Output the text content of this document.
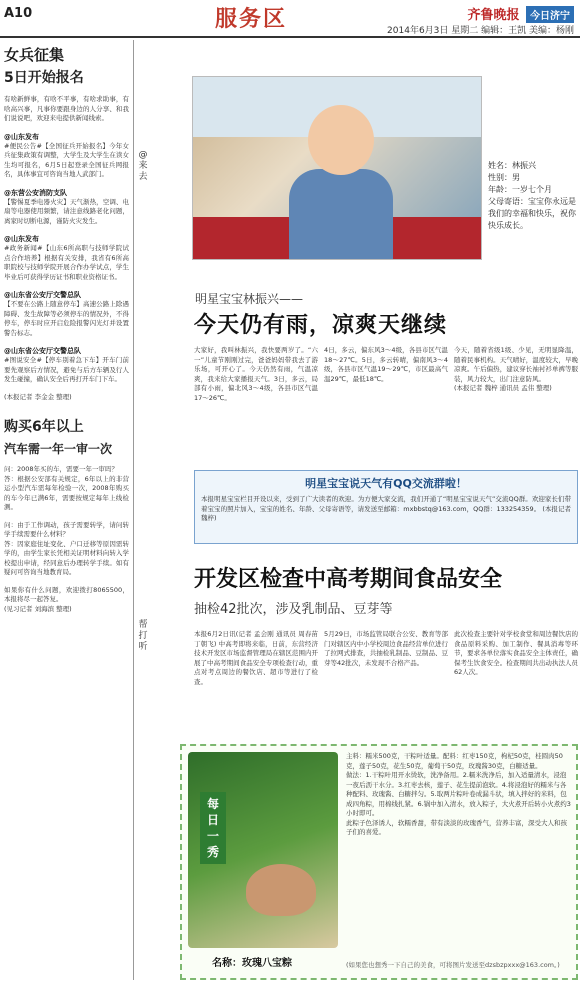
A10	服务区	齐鲁晚报 今日济宁
2014年6月3日 星期二 编辑：王凯 美编：杨刚
女兵征集
5日开始报名
有啥新鲜事，有啥不平事，有啥求助事，有啥高兴事，凡事你要跟身边的人分享、和我们说说吧，欢迎来电提供新闻线索。
@山东发布
#便民公告#【全国征兵开始报名】今年女兵征集政策有调整，大学生及大学生在读女生均可报名，6月5日起登录全国征兵网报名，具体事宜可咨询当地人武部门。
@东营公安消防支队
【警惕夏季电器火灾】天气渐热，空调、电扇等电器使用频繁，请注意线路老化问题，离家时切断电源，谨防火灾发生。
@山东发布
#政务新闻#【山东6所高职与技师学院试点合作培养】根据有关安排，我省有6所高职院校与技师学院开展合作办学试点，学生毕业后可获得学历证书和职业资格证书。
@山东省公安厅交警总队
【不要在公路上随意停车】高速公路上除遇障碍、发生故障等必须停车的情况外，不得停车，停车时应开启危险报警闪光灯并设置警告标志。
@山东省公安厅交警总队
#图说安全#【停车别着急下车】开车门前要先观察后方情况，避免与后方车辆及行人发生碰撞，确认安全后再打开车门下车。
(本报记者 李金金 整理)
购买6年以上
汽车需一年一审一次
问：2008年买的车，需要一年一审吗？
答：根据公安部有关规定，6年以上的非营运小型汽车需每年检验一次，2008年购买的车今年已满6年，需要按规定每年上线检测。
问：由于工作调动，孩子需要转学，请问转学手续需要什么材料？
答：因家庭住址变化、户口迁移等原因需转学的，由学生家长凭相关证明材料向转入学校提出申请，经同意后办理转学手续。如有疑问可咨询当地教育局。
如果你有什么问题，欢迎拨打8065500，本报将尽一起答复。
(见习记者 刘海滨 整理)
@来去
帮打听
姓名：林振兴
性别：男
年龄：一岁七个月
父母寄语：宝宝你永远是我们的幸福和快乐，祝你快乐成长。
明星宝宝林振兴——
今天仍有雨，凉爽天继续
大家好，我叫林振兴，我快要两岁了。“六一”儿童节刚刚过完，爸爸妈妈带我去了游乐场，可开心了。今天仍然有雨，气温凉爽，我来给大家播报天气。3日，多云，局部有小雨，偏北风3～4级，各县市区气温17～26℃。
4日，多云，偏东风3～4级，各县市区气温18～27℃。5日，多云转晴，偏南风3～4级，各县市区气温19～29℃，市区最高气温29℃，最低18℃。
今天，随着省级1级、少见，无明显降温，随着民事机构。天气晴好，温度较大，早晚凉爽。午后偏热，建议穿长袖衬衫单裤等服装，风力较大，出门注意防风。
(本报记者 魏梓 通讯员 孟伟 整理)
明星宝宝说天气有QQ交流群啦！
本报明星宝宝栏目开设以来，受到了广大读者的欢迎。为方便大家交流，我们开通了“明星宝宝说天气”交流QQ群。欢迎家长们带着宝宝的照片加入，宝宝的姓名、年龄、父母寄语等，请发送至邮箱：mxbbstq@163.com，QQ群：133254359。 (本报记者 魏梓)
开发区检查中高考期间食品安全
抽检42批次，涉及乳制品、豆芽等
本报6月2日讯(记者 孟会刚 通讯员 周春苗 丁朝飞) 中高考即将来临，日前，东营经济技术开发区市场监督管理局在辖区范围内开展了中高考期间食品安全专项检查行动，重点对考点周边的餐饮店、超市等进行了检查。
5月29日，市场监管局联合公安、教育等部门对辖区内中小学校周边食品经营单位进行了拉网式排查，共抽检乳制品、豆制品、豆芽等42批次，未发现不合格产品。
此次检查主要针对学校食堂和周边餐饮店的食品原料采购、加工制作、餐具消毒等环节，要求各单位落实食品安全主体责任，确保考生饮食安全。检查期间共出动执法人员62人次。
每日一秀
名称：玫瑰八宝粽
主料：糯米500克，干粽叶适量。配料：红枣150克，枸杞50克，桂圆肉50克，莲子50克，花生50克，葡萄干50克，玫瑰酱30克，白糖适量。
做法：1.干粽叶用开水烫软，洗净备用。2.糯米洗净后，加入适量清水，浸泡一夜后沥干水分。3.红枣去核，莲子、花生提前泡软。4.将浸泡好的糯米与各种配料、玫瑰酱、白糖拌匀。5.取两片粽叶卷成漏斗状，填入拌好的米料，包成四角粽，用棉线扎紧。6.锅中加入清水，放入粽子，大火煮开后转小火煮约3小时即可。
此粽子色泽诱人，软糯香甜，带有淡淡的玫瑰香气，营养丰富，深受大人和孩子们的喜爱。
(如果您也想秀一下自己的美食，可将图片发送至dzsbzpxxx@163.com。)
